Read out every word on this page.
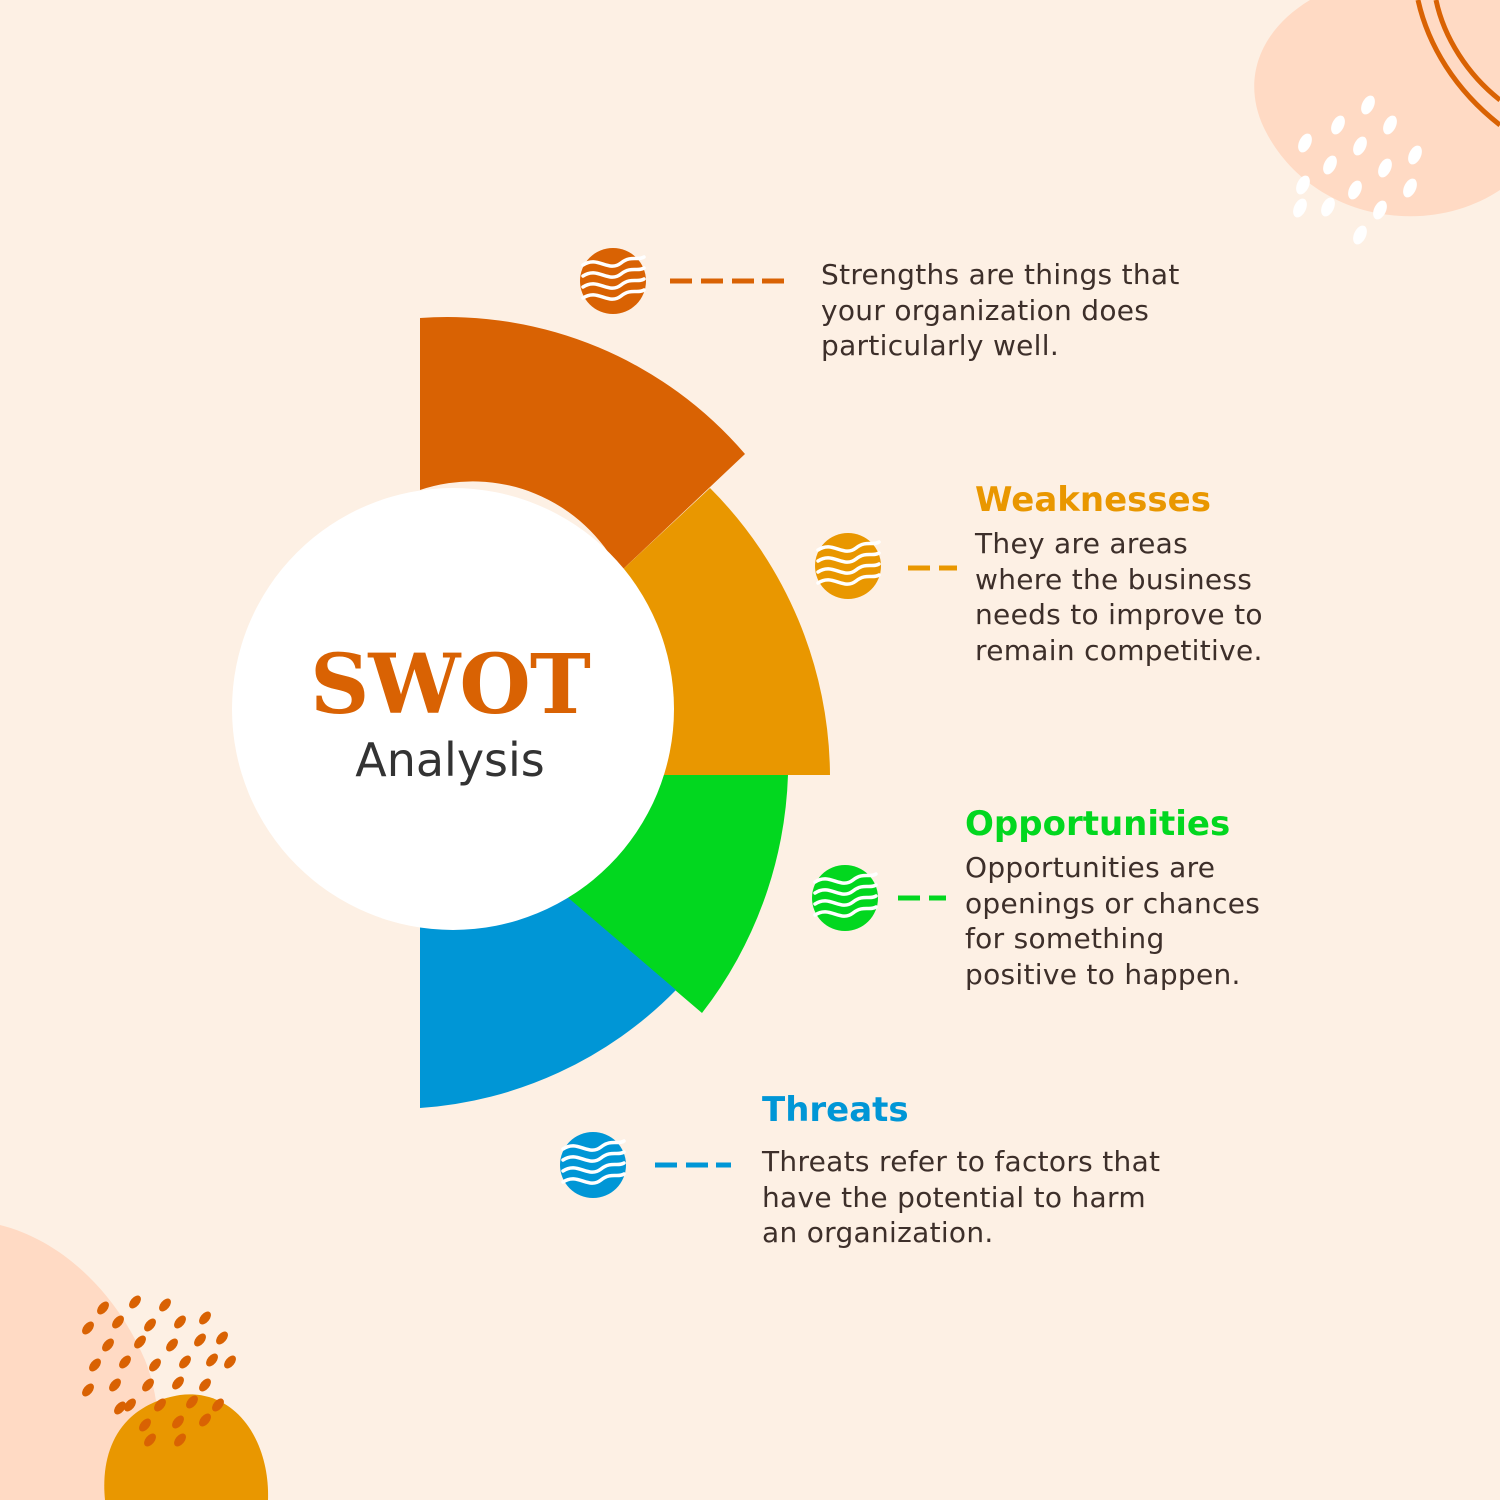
SWOT
Analysis
Strengths are things that
your organization does
particularly well.
Weaknesses
They are areas
where the business
needs to improve to
remain competitive.
Opportunities
Opportunities are
openings or chances
for something
positive to happen.
Threats
Threats refer to factors that
have the potential to harm
an organization.
